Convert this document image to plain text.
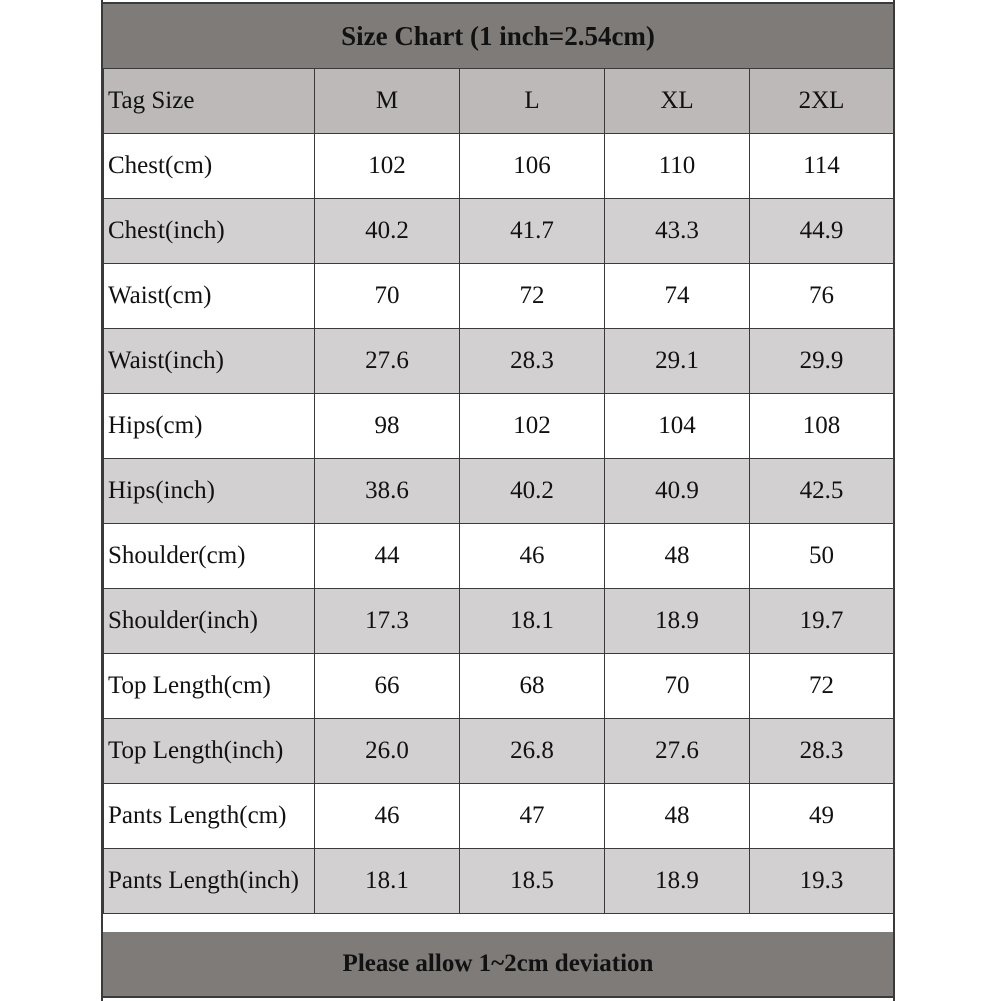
Size Chart (1 inch=2.54cm)
Tag Size	M	L	XL	2XL
Chest(cm)	102	106	110	114
Chest(inch)	40.2	41.7	43.3	44.9
Waist(cm)	70	72	74	76
Waist(inch)	27.6	28.3	29.1	29.9
Hips(cm)	98	102	104	108
Hips(inch)	38.6	40.2	40.9	42.5
Shoulder(cm)	44	46	48	50
Shoulder(inch)	17.3	18.1	18.9	19.7
Top Length(cm)	66	68	70	72
Top Length(inch)	26.0	26.8	27.6	28.3
Pants Length(cm)	46	47	48	49
Pants Length(inch)	18.1	18.5	18.9	19.3
Please allow 1~2cm deviation
